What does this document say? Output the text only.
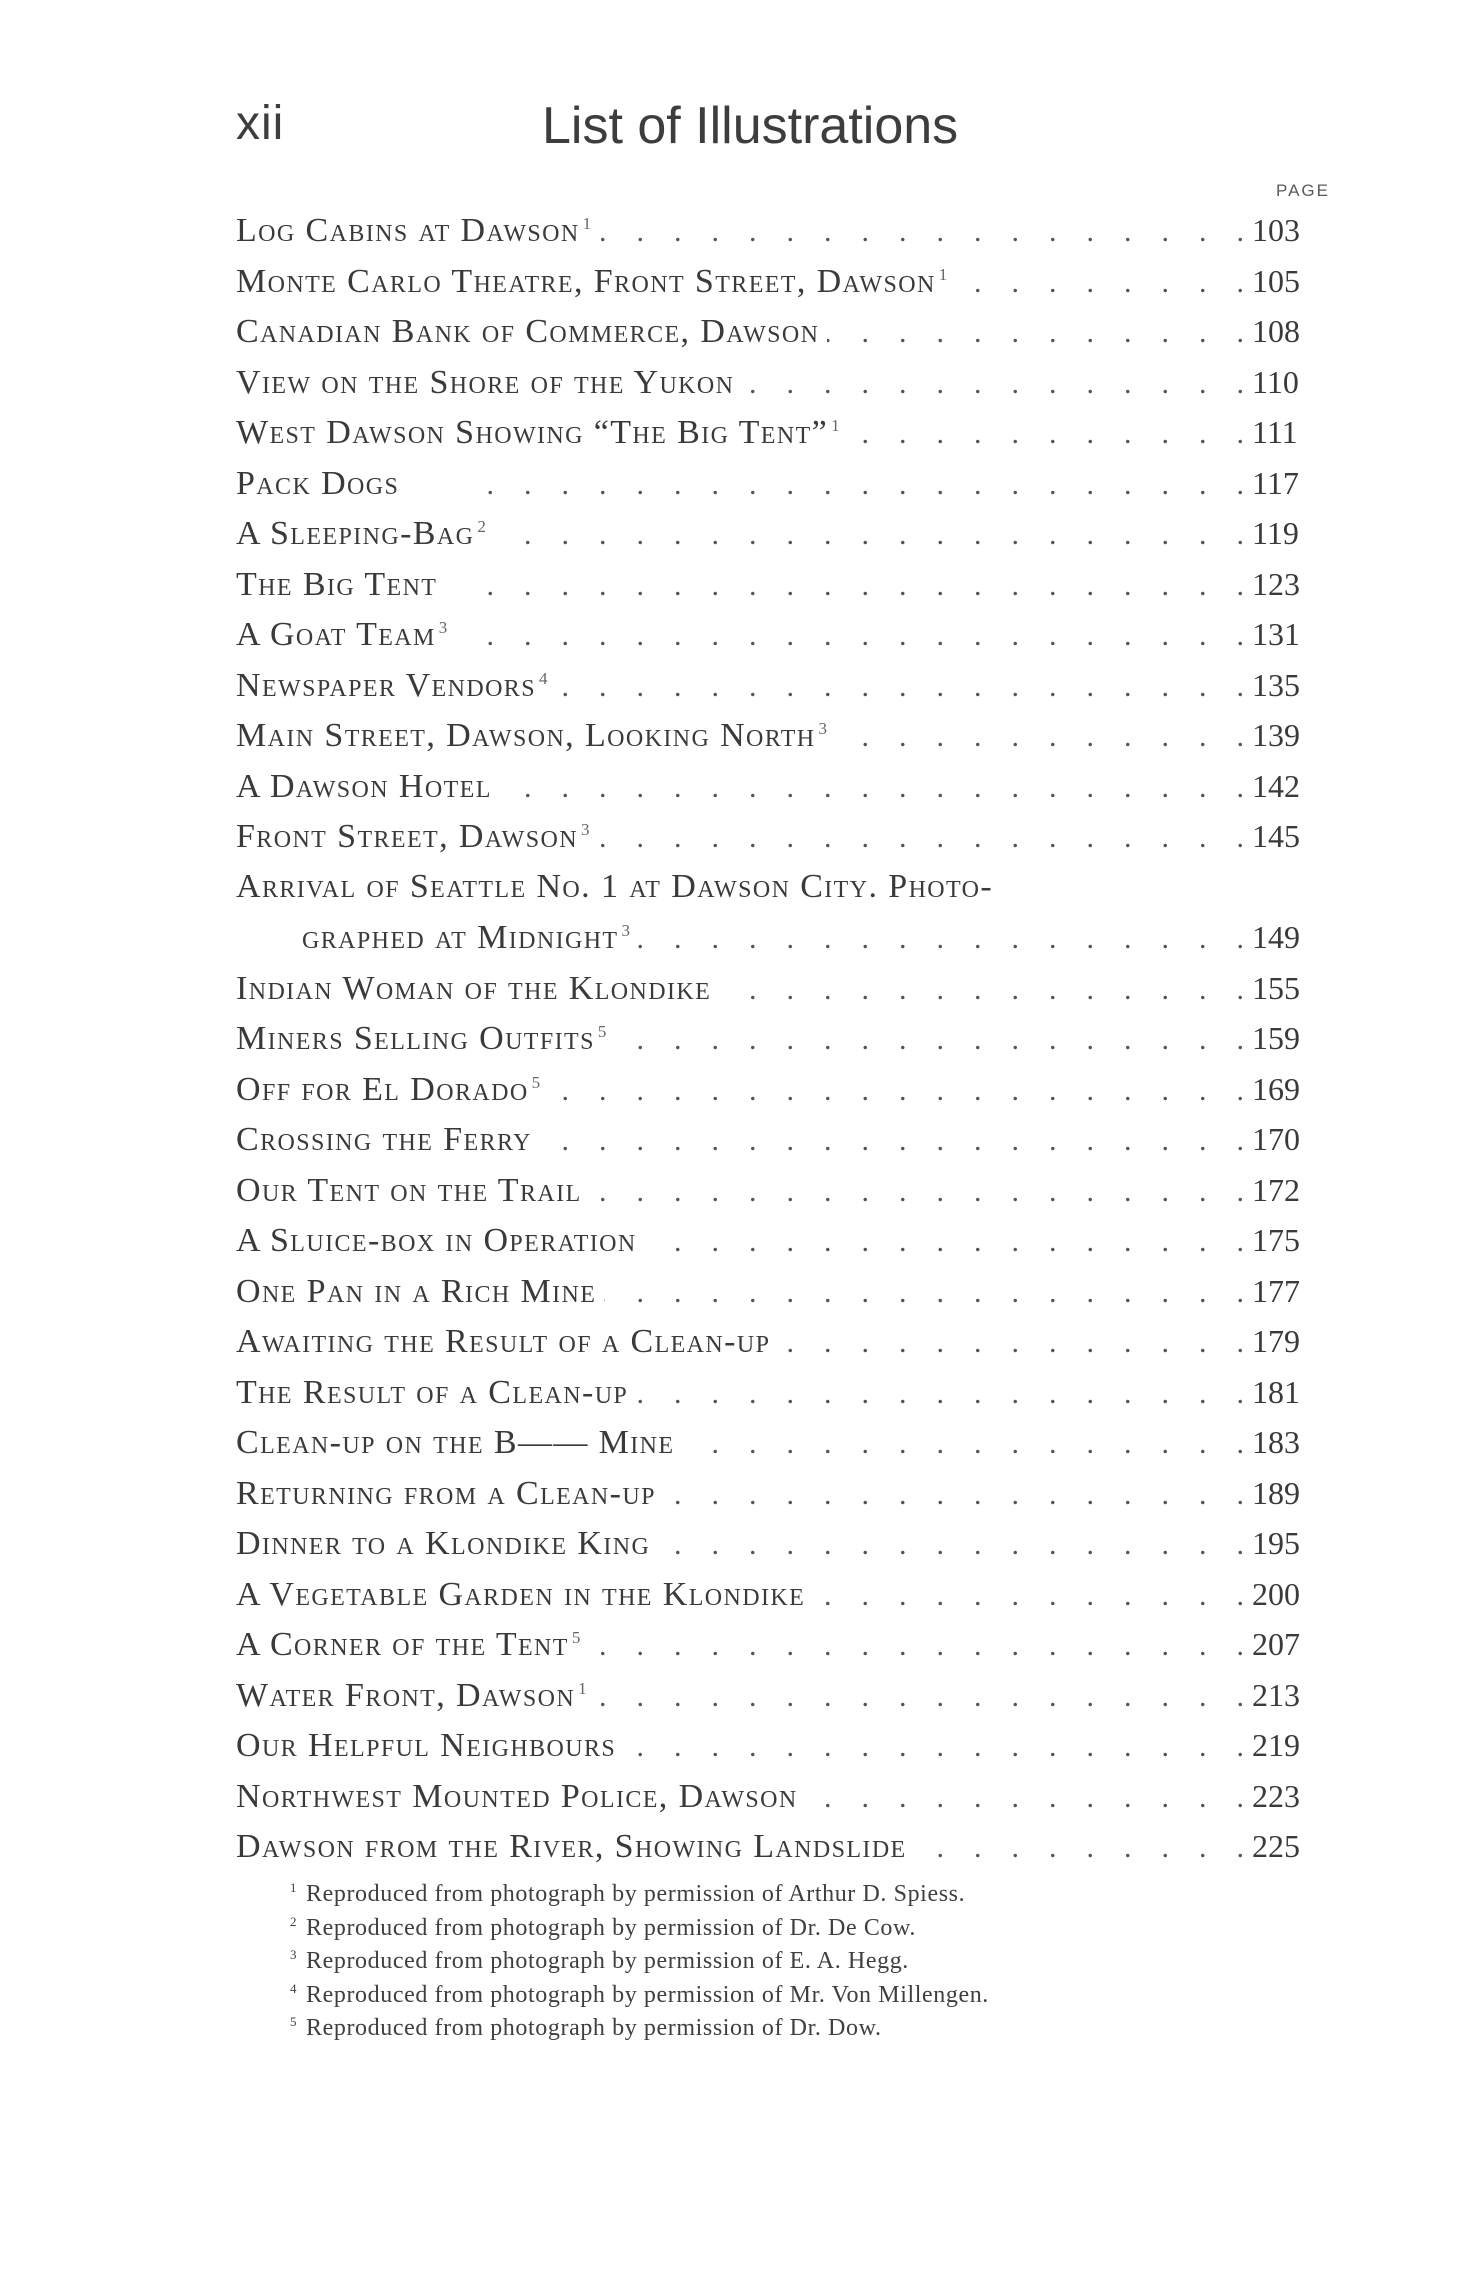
xii	List of Illustrations
PAGE
Log Cabins at Dawson $^1$ .	103
Monte Carlo Theatre, Front Street, Dawson $^1$ .	105
Canadian Bank of Commerce, Dawson .	108
View on the Shore of the Yukon .	110
West Dawson Showing “The Big Tent” $^1$ .	111
Pack Dogs .	117
A Sleeping-Bag $^2$ .	119
The Big Tent .	123
A Goat Team $^3$ .	131
Newspaper Vendors $^4$ .	135
Main Street, Dawson, Looking North $^3$ .	139
A Dawson Hotel .	142
Front Street, Dawson $^3$ .	145
Arrival of Seattle No. 1 at Dawson City. Photo-
graphed at Midnight $^3$ .	149
Indian Woman of the Klondike .	155
Miners Selling Outfits $^5$ .	159
Off for El Dorado $^5$ .	169
Crossing the Ferry .	170
Our Tent on the Trail .	172
A Sluice-box in Operation .	175
One Pan in a Rich Mine .	177
Awaiting the Result of a Clean-up .	179
The Result of a Clean-up .	181
Clean-up on the B—— Mine .	183
Returning from a Clean-up .	189
Dinner to a Klondike King .	195
A Vegetable Garden in the Klondike .	200
A Corner of the Tent $^5$ .	207
Water Front, Dawson $^1$ .	213
Our Helpful Neighbours .	219
Northwest Mounted Police, Dawson .	223
Dawson from the River, Showing Landslide .	225
$^1$ Reproduced from photograph by permission of Arthur D. Spiess.
$^2$ Reproduced from photograph by permission of Dr. De Cow.
$^3$ Reproduced from photograph by permission of E. A. Hegg.
$^4$ Reproduced from photograph by permission of Mr. Von Millengen.
$^5$ Reproduced from photograph by permission of Dr. Dow.
